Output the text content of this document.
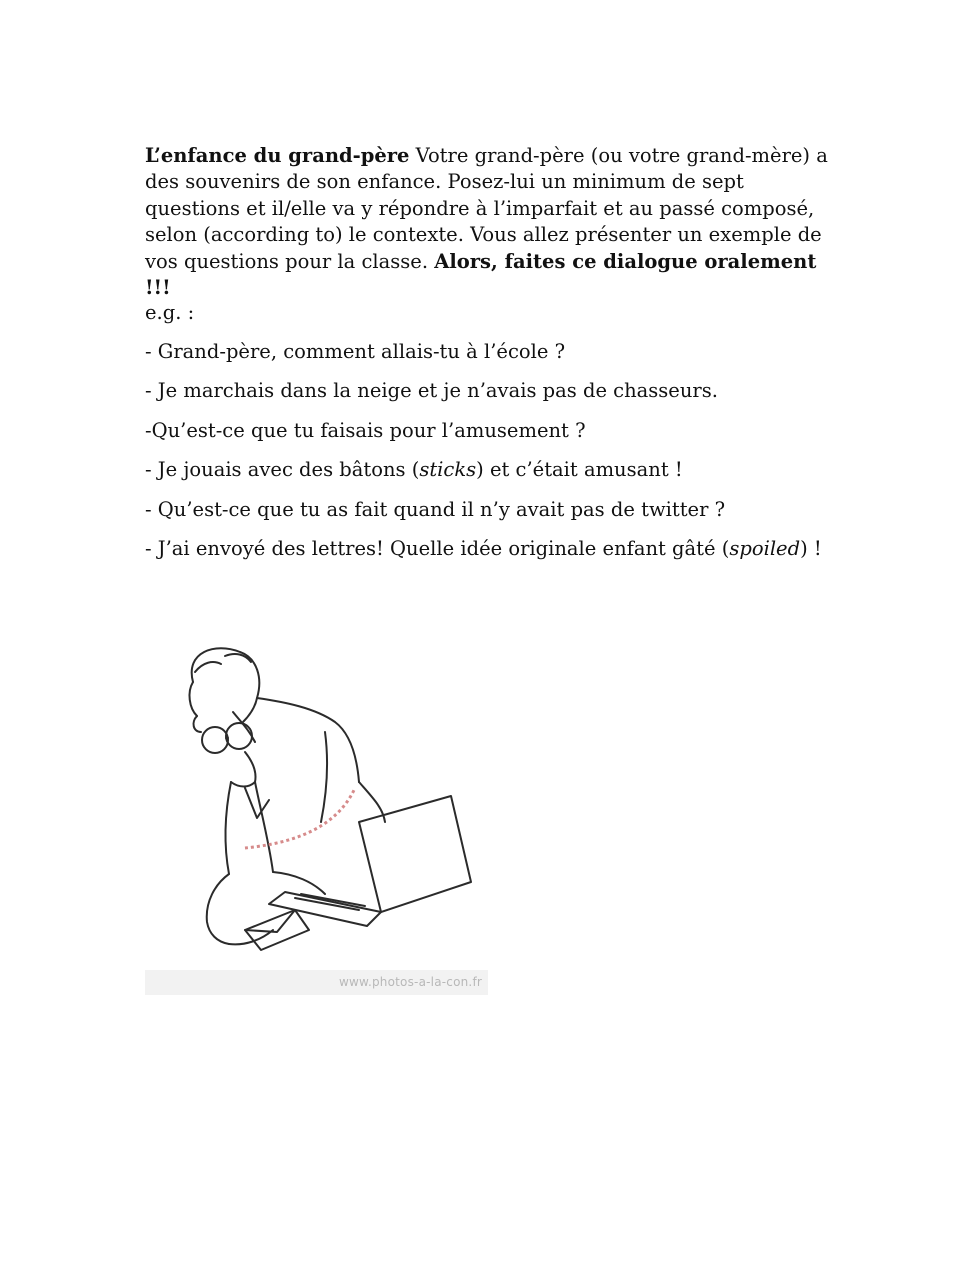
L’enfance du grand-père Votre grand-père (ou votre grand-mère) a des souvenirs de son enfance. Posez-lui un minimum de sept questions et il/elle va y répondre à l’imparfait et au passé composé, selon (according to) le contexte. Vous allez présenter un exemple de vos questions pour la classe. Alors, faites ce dialogue oralement !!!

e.g. :

- Grand-père, comment allais-tu à l’école ?
- Je marchais dans la neige et je n’avais pas de chasseurs.
-Qu’est-ce que tu faisais pour l’amusement ?
- Je jouais avec des bâtons (sticks) et c’était amusant !
- Qu’est-ce que tu as fait quand il n’y avait pas de twitter ?
- J’ai envoyé des lettres! Quelle idée originale enfant gâté (spoiled) !
www.photos-a-la-con.fr
